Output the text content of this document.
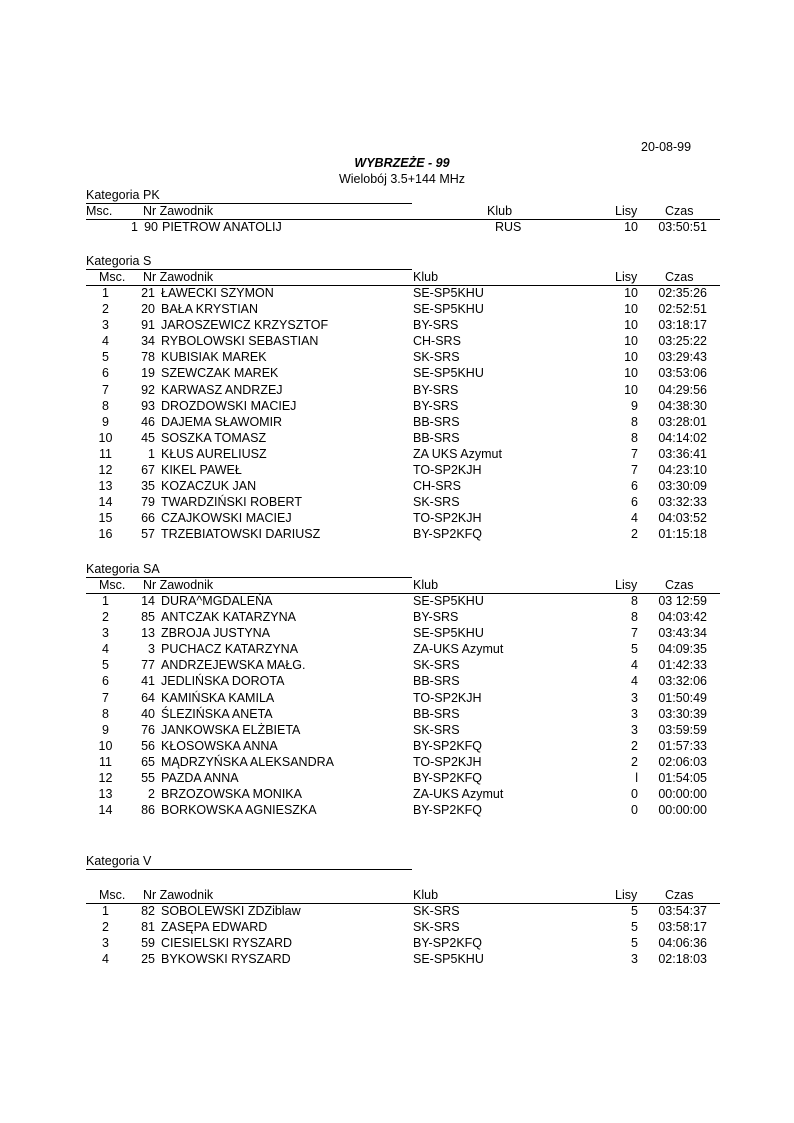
20-08-99
WYBRZEŻE - 99
Wielobój 3.5+144 MHz
Kategoria PK
Msc. Nr Zawodnik	Klub	Lisy Czas
1 90 PIETROW ANATOLIJ	RUS	10	03:50:51
Kategoria S
Msc. Nr Zawodnik	Klub	Lisy Czas
1	21 ŁAWECKI SZYMON	SE-SP5KHU	10	02:35:26
2	20 BAŁA KRYSTIAN	SE-SP5KHU	10	02:52:51
3	91 JAROSZEWICZ KRZYSZTOF	BY-SRS	10	03:18:17
4	34 RYBOLOWSKI SEBASTIAN	CH-SRS	10	03:25:22
5	78 KUBISIAK MAREK	SK-SRS	10	03:29:43
6	19 SZEWCZAK MAREK	SE-SP5KHU	10	03:53:06
7	92 KARWASZ ANDRZEJ	BY-SRS	10	04:29:56
8	93 DROZDOWSKI MACIEJ	BY-SRS	9	04:38:30
9	46 DAJEMA SŁAWOMIR	BB-SRS	8	03:28:01
10	45 SOSZKA TOMASZ	BB-SRS	8	04:14:02
11	1 KŁUS AURELIUSZ	ZA UKS Azymut	7	03:36:41
12	67 KIKEL PAWEŁ	TO-SP2KJH	7	04:23:10
13	35 KOZACZUK JAN	CH-SRS	6	03:30:09
14	79 TWARDZIŃSKI ROBERT	SK-SRS	6	03:32:33
15	66 CZAJKOWSKI MACIEJ	TO-SP2KJH	4	04:03:52
16	57 TRZEBIATOWSKI DARIUSZ	BY-SP2KFQ	2	01:15:18
Kategoria SA
Msc. Nr Zawodnik	Klub	Lisy Czas
1	14 DURA^MGDALEŃA	SE-SP5KHU	8	03 12:59
2	85 ANTCZAK KATARZYNA	BY-SRS	8	04:03:42
3	13 ZBROJA JUSTYNA	SE-SP5KHU	7	03:43:34
4	3 PUCHACZ KATARZYNA	ZA-UKS Azymut	5	04:09:35
5	77 ANDRZEJEWSKA MAŁG.	SK-SRS	4	01:42:33
6	41 JEDLIŃSKA DOROTA	BB-SRS	4	03:32:06
7	64 KAMIŃSKA KAMILA	TO-SP2KJH	3	01:50:49
8	40 ŚLEZIŃSKA ANETA	BB-SRS	3	03:30:39
9	76 JANKOWSKA ELŻBIETA	SK-SRS	3	03:59:59
10	56 KŁOSOWSKA ANNA	BY-SP2KFQ	2	01:57:33
11	65 MĄDRZYŃSKA ALEKSANDRA	TO-SP2KJH	2	02:06:03
12	55 PAZDA ANNA	BY-SP2KFQ	l	01:54:05
13	2 BRZOZOWSKA MONIKA	ZA-UKS Azymut	0	00:00:00
14	86 BORKOWSKA AGNIESZKA	BY-SP2KFQ	0	00:00:00
Kategoria V
Msc. Nr Zawodnik	Klub	Lisy Czas
1	82 SOBOLEWSKI ZDZiblaw	SK-SRS	5	03:54:37
2	81 ZASĘPA EDWARD	SK-SRS	5	03:58:17
3	59 CIESIELSKI RYSZARD	BY-SP2KFQ	5	04:06:36
4	25 BYKOWSKI RYSZARD	SE-SP5KHU	3	02:18:03
